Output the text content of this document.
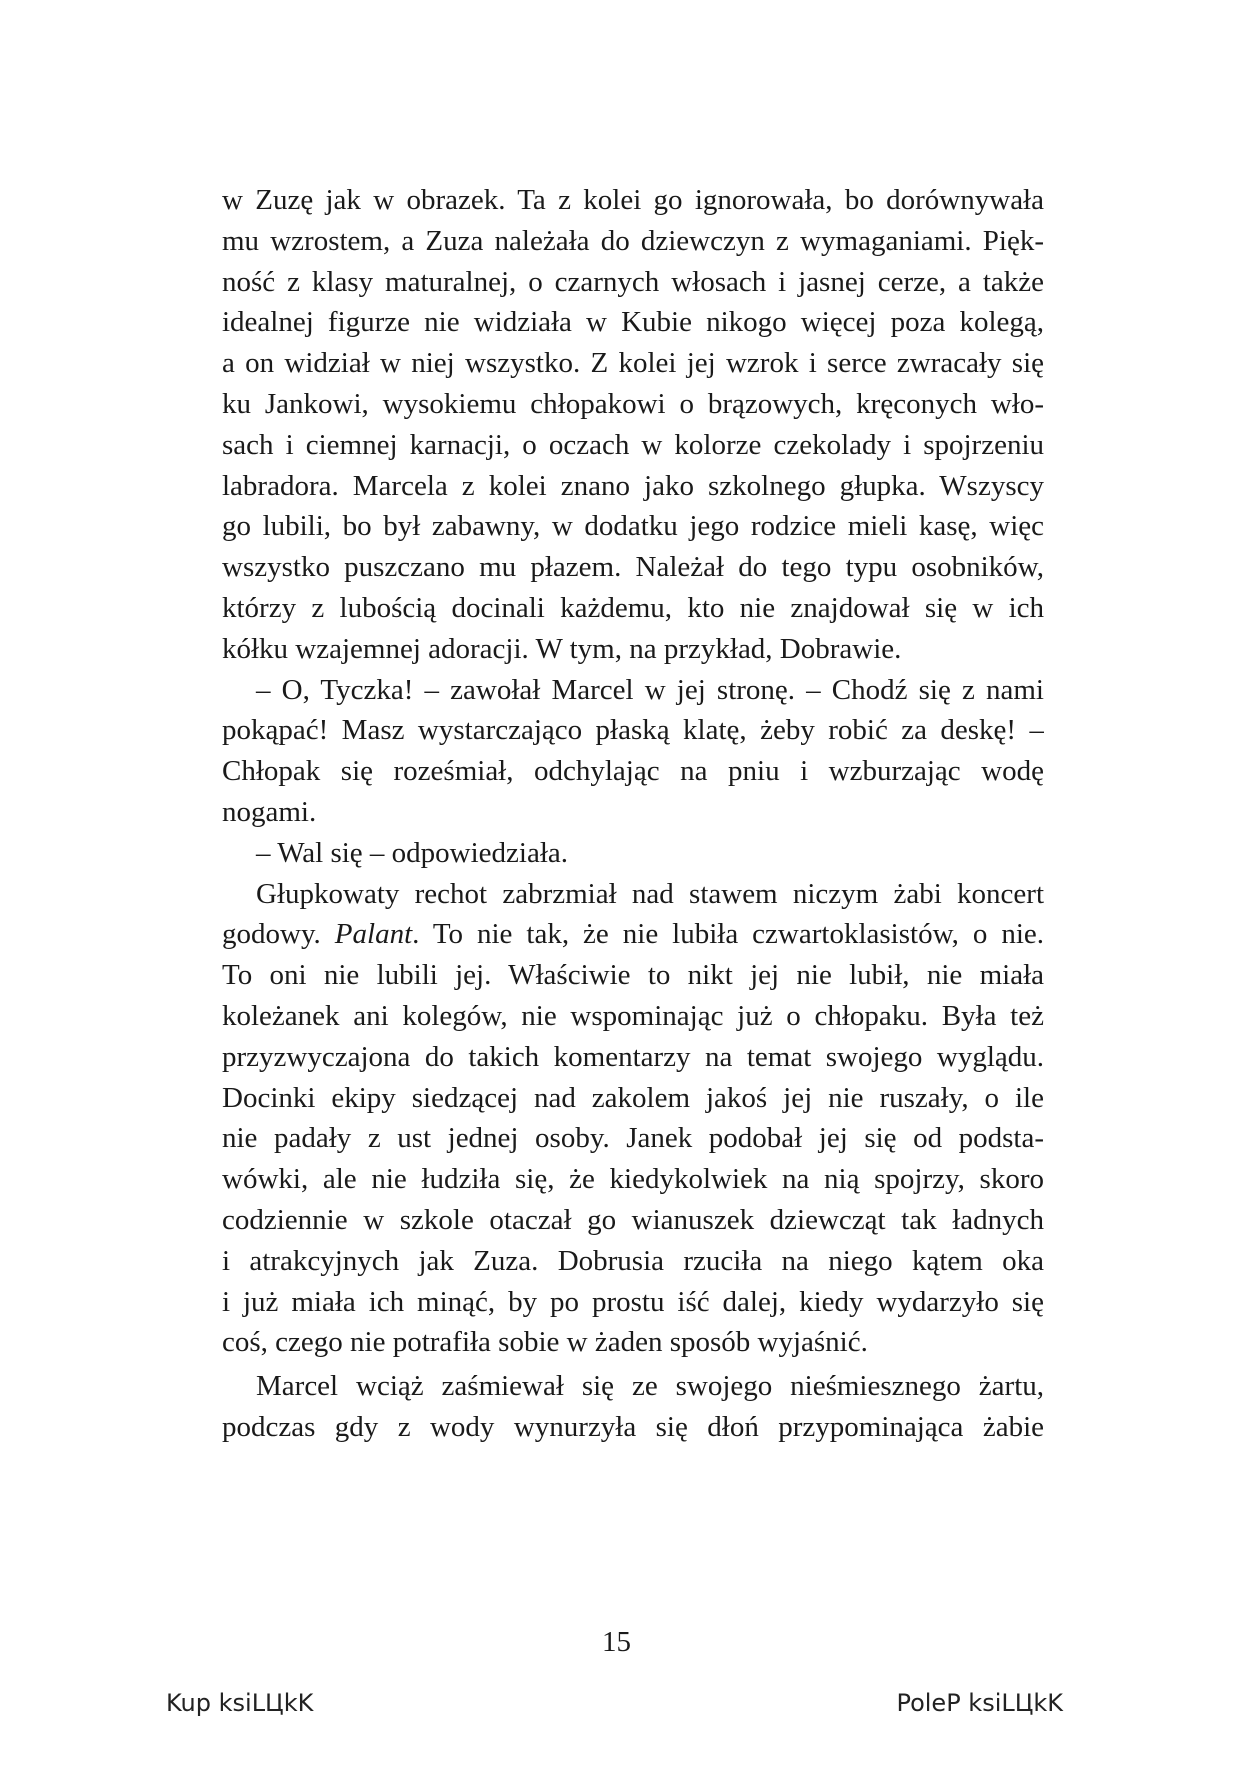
w Zuzę jak w obrazek. Ta z kolei go ignorowała, bo dorównywała
mu wzrostem, a Zuza należała do dziewczyn z wymaganiami. Pięk-
ność z klasy maturalnej, o czarnych włosach i jasnej cerze, a także
idealnej figurze nie widziała w Kubie nikogo więcej poza kolegą,
a on widział w niej wszystko. Z kolei jej wzrok i serce zwracały się
ku Jankowi, wysokiemu chłopakowi o brązowych, kręconych wło-
sach i ciemnej karnacji, o oczach w kolorze czekolady i spojrzeniu
labradora. Marcela z kolei znano jako szkolnego głupka. Wszyscy
go lubili, bo był zabawny, w dodatku jego rodzice mieli kasę, więc
wszystko puszczano mu płazem. Należał do tego typu osobników,
którzy z lubością docinali każdemu, kto nie znajdował się w ich
kółku wzajemnej adoracji. W tym, na przykład, Dobrawie.
– O, Tyczka! – zawołał Marcel w jej stronę. – Chodź się z nami
pokąpać! Masz wystarczająco płaską klatę, żeby robić za deskę! –
Chłopak się roześmiał, odchylając na pniu i wzburzając wodę
nogami.
– Wal się – odpowiedziała.
Głupkowaty rechot zabrzmiał nad stawem niczym żabi koncert
godowy. Palant. To nie tak, że nie lubiła czwartoklasistów, o nie.
To oni nie lubili jej. Właściwie to nikt jej nie lubił, nie miała
koleżanek ani kolegów, nie wspominając już o chłopaku. Była też
przyzwyczajona do takich komentarzy na temat swojego wyglądu.
Docinki ekipy siedzącej nad zakolem jakoś jej nie ruszały, o ile
nie padały z ust jednej osoby. Janek podobał jej się od podsta-
wówki, ale nie łudziła się, że kiedykolwiek na nią spojrzy, skoro
codziennie w szkole otaczał go wianuszek dziewcząt tak ładnych
i atrakcyjnych jak Zuza. Dobrusia rzuciła na niego kątem oka
i już miała ich minąć, by po prostu iść dalej, kiedy wydarzyło się
coś, czego nie potrafiła sobie w żaden sposób wyjaśnić.
Marcel wciąż zaśmiewał się ze swojego nieśmiesznego żartu,
podczas gdy z wody wynurzyła się dłoń przypominająca żabie
15
Kup ksiLЦkK	PoleP ksiLЦkK
